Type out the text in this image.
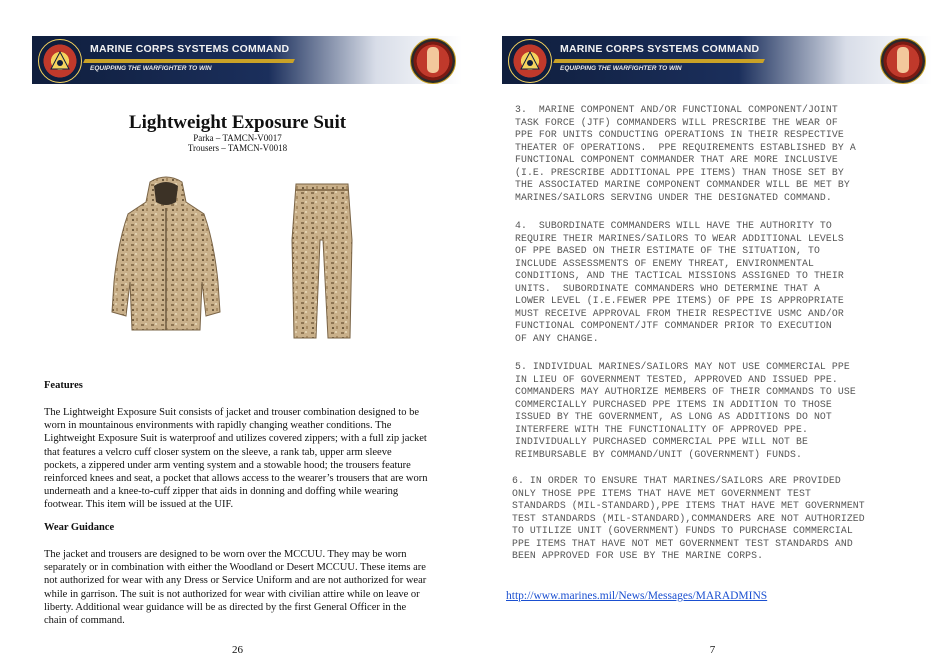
MARINE CORPS SYSTEMS COMMAND
EQUIPPING THE WARFIGHTER TO WIN
Lightweight Exposure Suit
Parka – TAMCN-V0017
Trousers – TAMCN-V0018
Features
The Lightweight Exposure Suit consists of jacket and trouser combination designed to be worn in mountainous environments with rapidly changing weather conditions. The Lightweight Exposure Suit is waterproof and utilizes covered zippers; with a full zip jacket that features a velcro cuff closer system on the sleeve, a rank tab, upper arm sleeve pockets, a zippered under arm venting system and a stowable hood; the trousers feature reinforced knees and seat, a pocket that allows access to the wearer’s trousers that are worn underneath and a knee-to-cuff zipper that aids in donning and doffing while wearing footwear. This item will be issued at the UIF.
Wear Guidance
The jacket and trousers are designed to be worn over the MCCUU. They may be worn separately or in combination with either the Woodland or Desert MCCUU. These items are not authorized for wear with any Dress or Service Uniform and are not authorized for wear while in garrison. The suit is not authorized for wear with civilian attire while on leave or liberty. Additional wear guidance will be as directed by the first General Officer in the chain of command.
26
MARINE CORPS SYSTEMS COMMAND
EQUIPPING THE WARFIGHTER TO WIN
7
3.  MARINE COMPONENT AND/OR FUNCTIONAL COMPONENT/JOINT
TASK FORCE (JTF) COMMANDERS WILL PRESCRIBE THE WEAR OF
PPE FOR UNITS CONDUCTING OPERATIONS IN THEIR RESPECTIVE
THEATER OF OPERATIONS.  PPE REQUIREMENTS ESTABLISHED BY A
FUNCTIONAL COMPONENT COMMANDER THAT ARE MORE INCLUSIVE
(I.E. PRESCRIBE ADDITIONAL PPE ITEMS) THAN THOSE SET BY
THE ASSOCIATED MARINE COMPONENT COMMANDER WILL BE MET BY
MARINES/SAILORS SERVING UNDER THE DESIGNATED COMMAND.
4.  SUBORDINATE COMMANDERS WILL HAVE THE AUTHORITY TO
REQUIRE THEIR MARINES/SAILORS TO WEAR ADDITIONAL LEVELS
OF PPE BASED ON THEIR ESTIMATE OF THE SITUATION, TO
INCLUDE ASSESSMENTS OF ENEMY THREAT, ENVIRONMENTAL
CONDITIONS, AND THE TACTICAL MISSIONS ASSIGNED TO THEIR
UNITS.  SUBORDINATE COMMANDERS WHO DETERMINE THAT A
LOWER LEVEL (I.E.FEWER PPE ITEMS) OF PPE IS APPROPRIATE
MUST RECEIVE APPROVAL FROM THEIR RESPECTIVE USMC AND/OR
FUNCTIONAL COMPONENT/JTF COMMANDER PRIOR TO EXECUTION
OF ANY CHANGE.
5. INDIVIDUAL MARINES/SAILORS MAY NOT USE COMMERCIAL PPE
IN LIEU OF GOVERNMENT TESTED, APPROVED AND ISSUED PPE.
COMMANDERS MAY AUTHORIZE MEMBERS OF THEIR COMMANDS TO USE
COMMERCIALLY PURCHASED PPE ITEMS IN ADDITION TO THOSE
ISSUED BY THE GOVERNMENT, AS LONG AS ADDITIONS DO NOT
INTERFERE WITH THE FUNCTIONALITY OF APPROVED PPE.
INDIVIDUALLY PURCHASED COMMERCIAL PPE WILL NOT BE
REIMBURSABLE BY COMMAND/UNIT (GOVERNMENT) FUNDS.
6. IN ORDER TO ENSURE THAT MARINES/SAILORS ARE PROVIDED
ONLY THOSE PPE ITEMS THAT HAVE MET GOVERNMENT TEST
STANDARDS (MIL-STANDARD),PPE ITEMS THAT HAVE MET GOVERNMENT
TEST STANDARDS (MIL-STANDARD),COMMANDERS ARE NOT AUTHORIZED
TO UTILIZE UNIT (GOVERNMENT) FUNDS TO PURCHASE COMMERCIAL
PPE ITEMS THAT HAVE NOT MET GOVERNMENT TEST STANDARDS AND
BEEN APPROVED FOR USE BY THE MARINE CORPS.
http://www.marines.mil/News/Messages/MARADMINS
